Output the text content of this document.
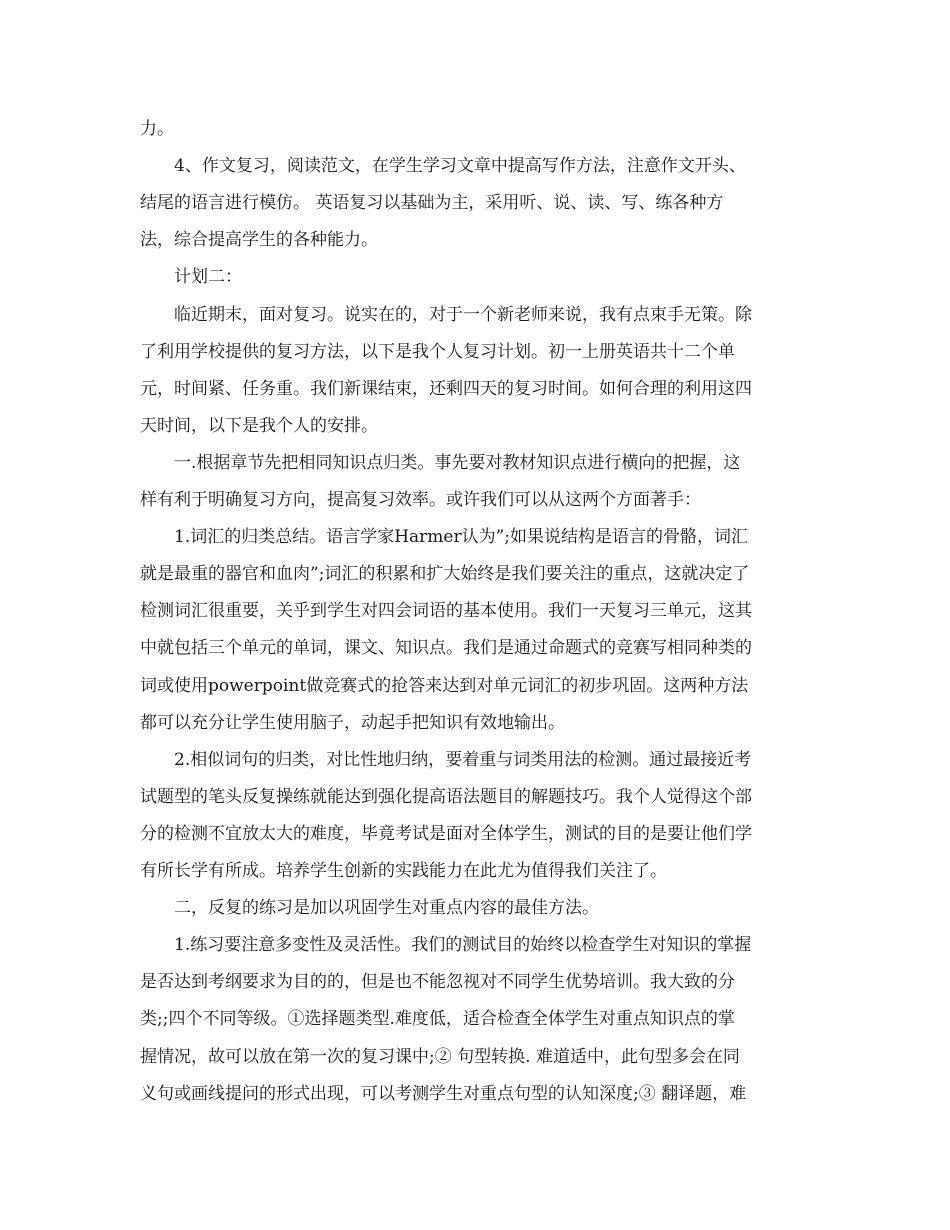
力。
4、作文复习，阅读范文，在学生学习文章中提高写作方法，注意作文开头、
结尾的语言进行模仿。 英语复习以基础为主，采用听、说、读、写、练各种方
法，综合提高学生的各种能力。
计划二：
临近期末，面对复习。说实在的，对于一个新老师来说，我有点束手无策。除
了利用学校提供的复习方法，以下是我个人复习计划。初一上册英语共十二个单
元，时间紧、任务重。我们新课结束，还剩四天的复习时间。如何合理的利用这四
天时间，以下是我个人的安排。
一.根据章节先把相同知识点归类。事先要对教材知识点进行横向的把握，这
样有利于明确复习方向，提高复习效率。或许我们可以从这两个方面著手：
1.词汇的归类总结。语言学家Harmer认为”;如果说结构是语言的骨骼，词汇
就是最重的器官和血肉”;词汇的积累和扩大始终是我们要关注的重点，这就决定了
检测词汇很重要，关乎到学生对四会词语的基本使用。我们一天复习三单元，这其
中就包括三个单元的单词，课文、知识点。我们是通过命题式的竞赛写相同种类的
词或使用powerpoint做竞赛式的抢答来达到对单元词汇的初步巩固。这两种方法
都可以充分让学生使用脑子，动起手把知识有效地输出。
2.相似词句的归类，对比性地归纳，要着重与词类用法的检测。通过最接近考
试题型的笔头反复操练就能达到强化提高语法题目的解题技巧。我个人觉得这个部
分的检测不宜放太大的难度，毕竟考试是面对全体学生，测试的目的是要让他们学
有所长学有所成。培养学生创新的实践能力在此尤为值得我们关注了。
二，反复的练习是加以巩固学生对重点内容的最佳方法。
1.练习要注意多变性及灵活性。我们的测试目的始终以检查学生对知识的掌握
是否达到考纲要求为目的的，但是也不能忽视对不同学生优势培训。我大致的分
类;;四个不同等级。①选择题类型.难度低，适合检查全体学生对重点知识点的掌
握情况，故可以放在第一次的复习课中;② 句型转换. 难道适中，此句型多会在同
义句或画线提问的形式出现，可以考测学生对重点句型的认知深度;③ 翻译题，难
